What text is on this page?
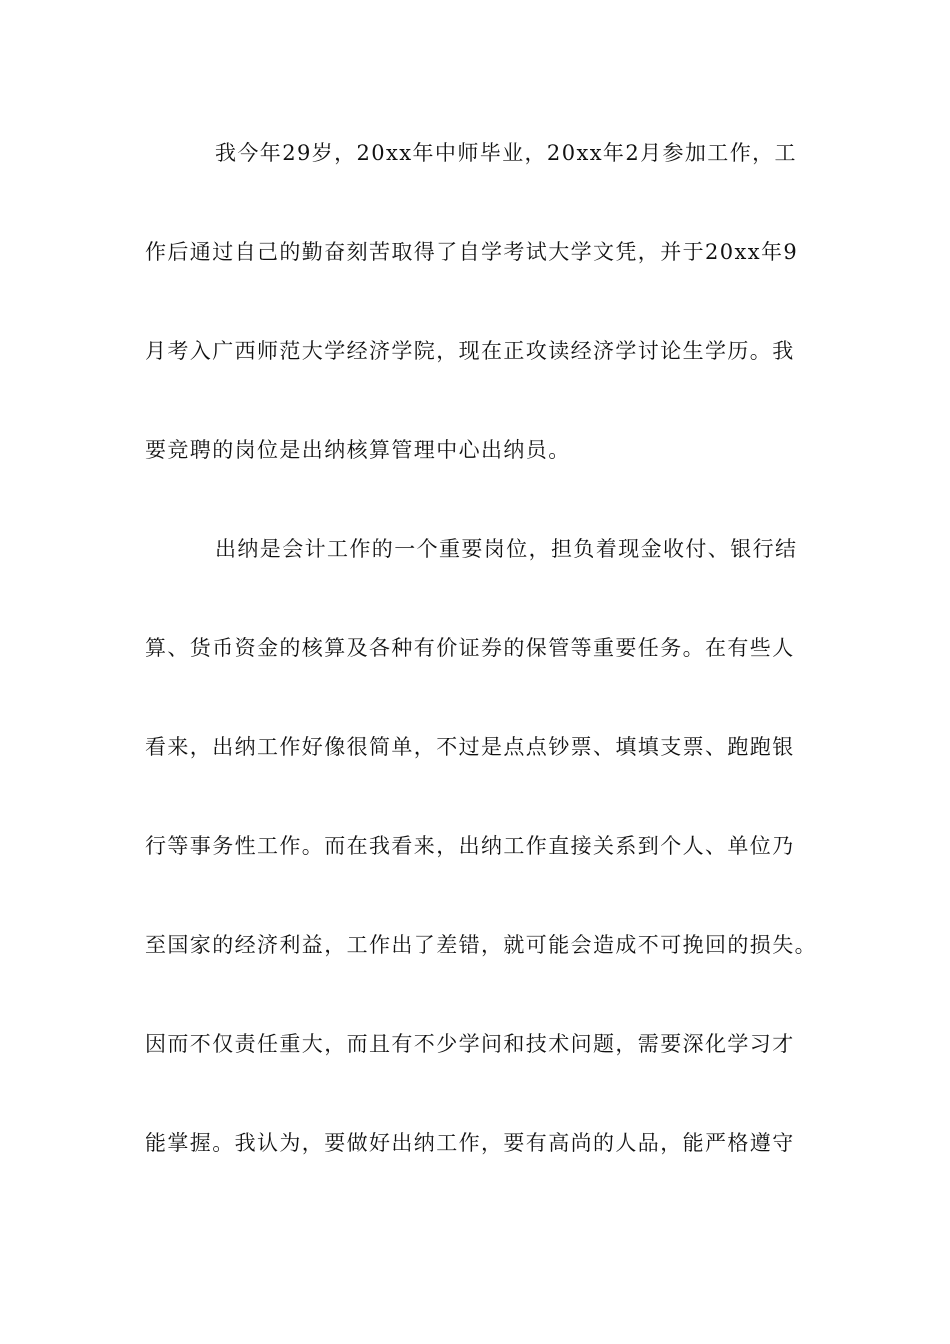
我今年29岁，20xx年中师毕业，20xx年2月参加工作，工
作后通过自己的勤奋刻苦取得了自学考试大学文凭，并于20xx年9
月考入广西师范大学经济学院，现在正攻读经济学讨论生学历。我
要竞聘的岗位是出纳核算管理中心出纳员。
出纳是会计工作的一个重要岗位，担负着现金收付、银行结
算、货币资金的核算及各种有价证券的保管等重要任务。在有些人
看来，出纳工作好像很简单，不过是点点钞票、填填支票、跑跑银
行等事务性工作。而在我看来，出纳工作直接关系到个人、单位乃
至国家的经济利益，工作出了差错，就可能会造成不可挽回的损失。
因而不仅责任重大，而且有不少学问和技术问题，需要深化学习才
能掌握。我认为，要做好出纳工作，要有高尚的人品，能严格遵守
